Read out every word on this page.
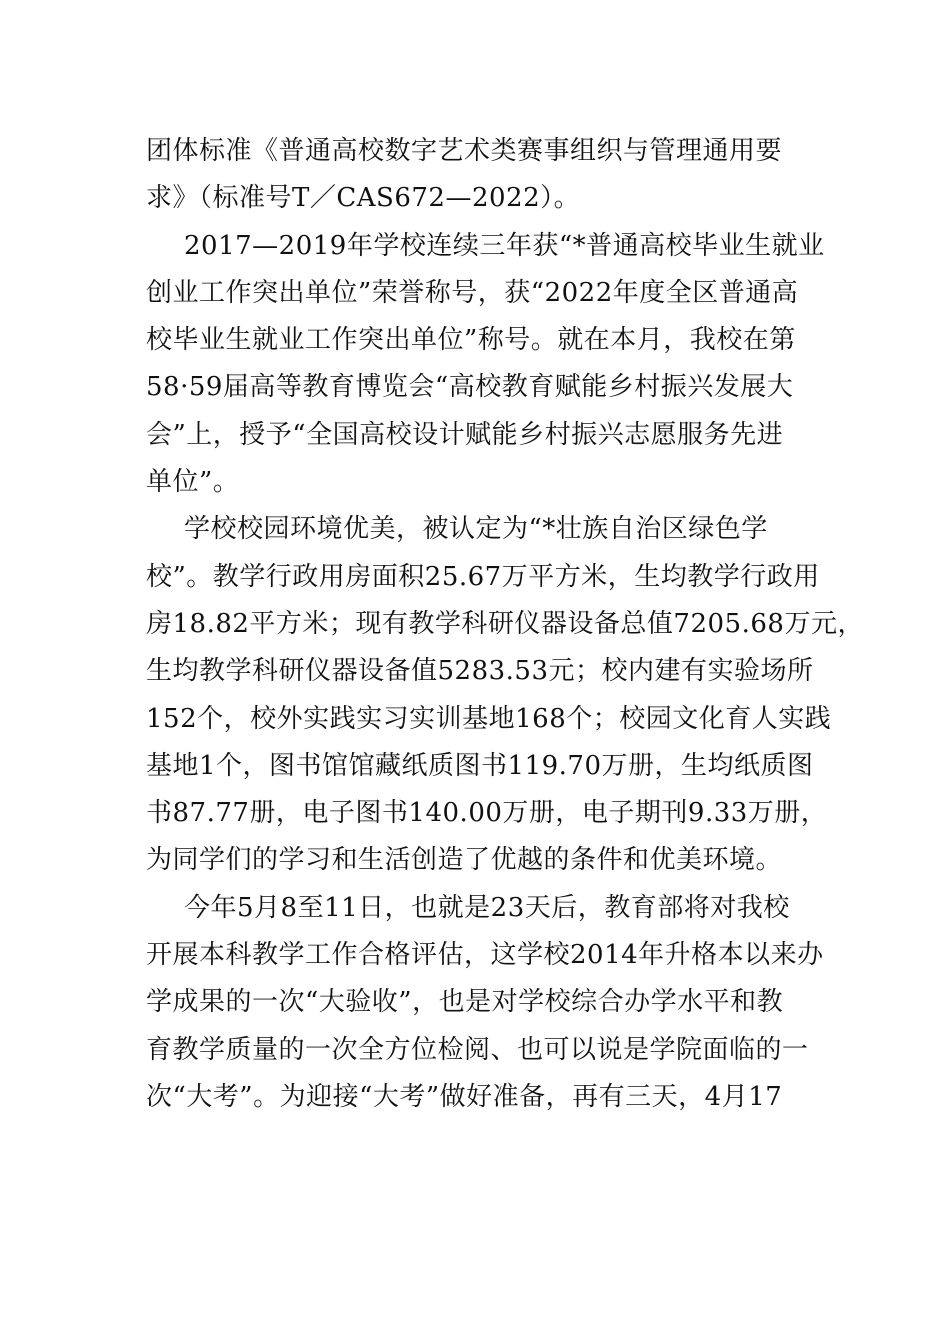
团体标准《普通高校数字艺术类赛事组织与管理通用要
求》（标准号T／CAS672—2022）。
2017—2019年学校连续三年获“*普通高校毕业生就业
创业工作突出单位”荣誉称号，获“2022年度全区普通高
校毕业生就业工作突出单位”称号。就在本月，我校在第
58·59届高等教育博览会“高校教育赋能乡村振兴发展大
会”上，授予“全国高校设计赋能乡村振兴志愿服务先进
单位”。
学校校园环境优美，被认定为“*壮族自治区绿色学
校”。教学行政用房面积25.67万平方米，生均教学行政用
房18.82平方米；现有教学科研仪器设备总值7205.68万元，
生均教学科研仪器设备值5283.53元；校内建有实验场所
152个，校外实践实习实训基地168个；校园文化育人实践
基地1个，图书馆馆藏纸质图书119.70万册，生均纸质图
书87.77册，电子图书140.00万册，电子期刊9.33万册，
为同学们的学习和生活创造了优越的条件和优美环境。
今年5月8至11日，也就是23天后，教育部将对我校
开展本科教学工作合格评估，这学校2014年升格本以来办
学成果的一次“大验收”，也是对学校综合办学水平和教
育教学质量的一次全方位检阅、也可以说是学院面临的一
次“大考”。为迎接“大考”做好准备，再有三天，4月17
